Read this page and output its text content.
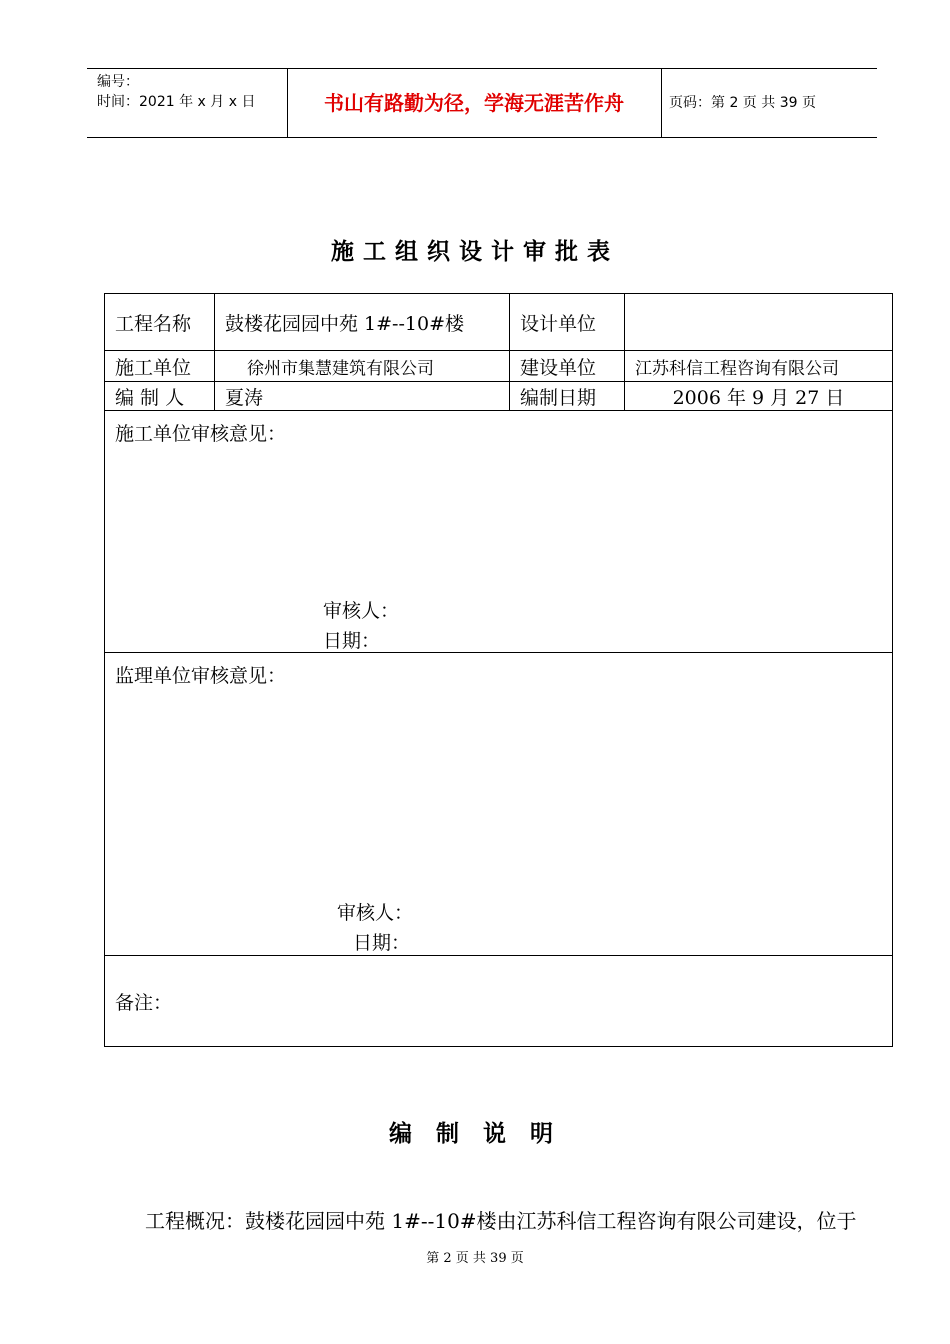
编号：
时间：2021 年 x 月 x 日	书山有路勤为径，学海无涯苦作舟	页码：第 2 页 共 39 页
施工组织设计审批表
工程名称	鼓楼花园园中苑 1#--10#楼	设计单位	
施工单位	徐州市集慧建筑有限公司	建设单位	江苏科信工程咨询有限公司
编 制 人	夏涛	编制日期	2006 年 9 月 27 日

施工单位审核意见：
审核人：
日期：			

监理单位审核意见：
审核人：
日期：			

备注：			
编 制 说 明
工程概况：鼓楼花园园中苑 1#--10#楼由江苏科信工程咨询有限公司建设，位于
第 2 页 共 39 页
